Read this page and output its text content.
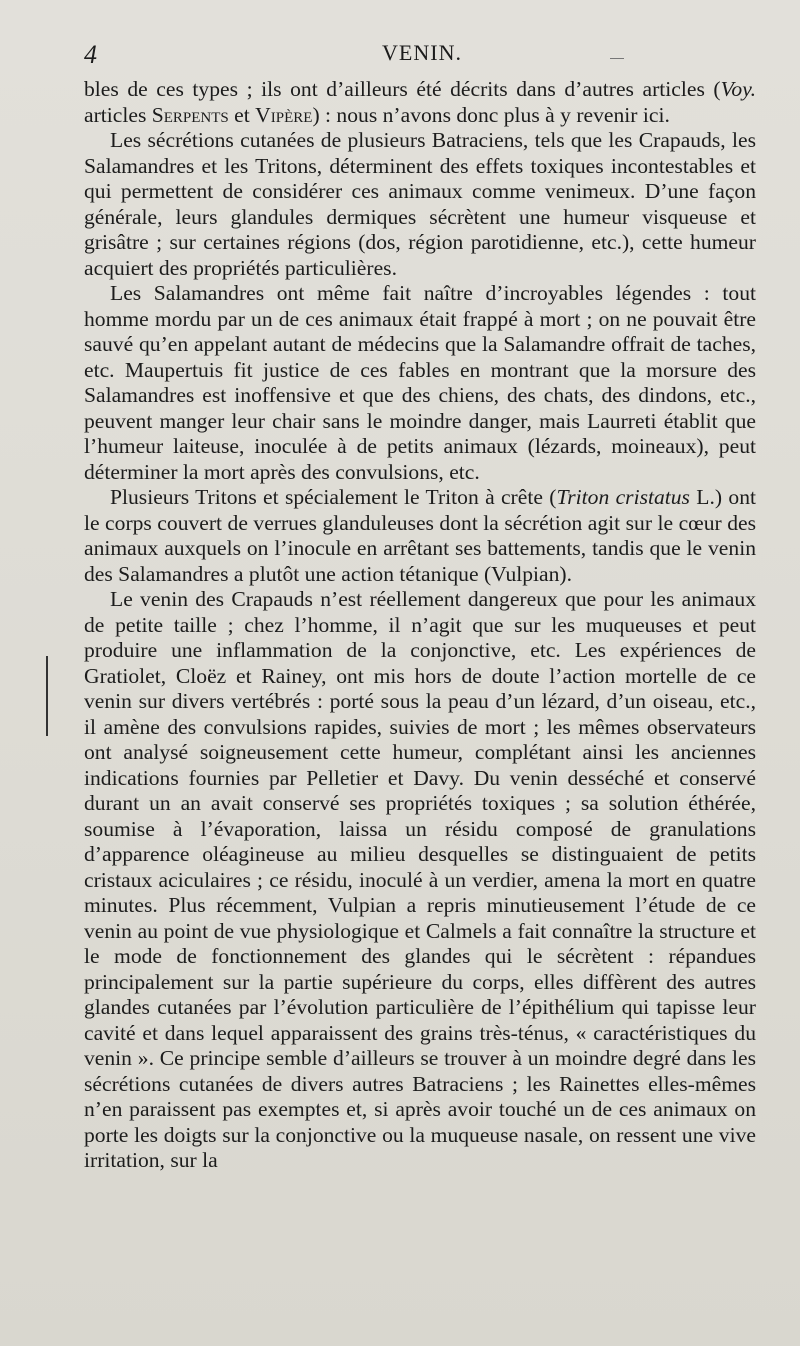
4	VENIN.

bles de ces types ; ils ont d’ailleurs été décrits dans d’autres articles (Voy. articles Serpents et Vipère) : nous n’avons donc plus à y revenir ici.

Les sécrétions cutanées de plusieurs Batraciens, tels que les Crapauds, les Salamandres et les Tritons, déterminent des effets toxiques incontestables et qui permettent de considérer ces animaux comme venimeux. D’une façon générale, leurs glandules dermiques sécrètent une humeur visqueuse et grisâtre ; sur certaines régions (dos, région parotidienne, etc.), cette humeur acquiert des propriétés particulières.

Les Salamandres ont même fait naître d’incroyables légendes : tout homme mordu par un de ces animaux était frappé à mort ; on ne pouvait être sauvé qu’en appelant autant de médecins que la Salamandre offrait de taches, etc. Maupertuis fit justice de ces fables en montrant que la morsure des Salamandres est inoffensive et que des chiens, des chats, des dindons, etc., peuvent manger leur chair sans le moindre danger, mais Laurreti établit que l’humeur laiteuse, inoculée à de petits animaux (lézards, moineaux), peut déterminer la mort après des convulsions, etc.

Plusieurs Tritons et spécialement le Triton à crête (Triton cristatus L.) ont le corps couvert de verrues glanduleuses dont la sécrétion agit sur le cœur des animaux auxquels on l’inocule en arrêtant ses battements, tandis que le venin des Salamandres a plutôt une action tétanique (Vulpian).

Le venin des Crapauds n’est réellement dangereux que pour les animaux de petite taille ; chez l’homme, il n’agit que sur les muqueuses et peut produire une inflammation de la conjonctive, etc. Les expériences de Gratiolet, Cloëz et Rainey, ont mis hors de doute l’action mortelle de ce venin sur divers vertébrés : porté sous la peau d’un lézard, d’un oiseau, etc., il amène des convulsions rapides, suivies de mort ; les mêmes observateurs ont analysé soigneusement cette humeur, complétant ainsi les anciennes indications fournies par Pelletier et Davy. Du venin desséché et conservé durant un an avait conservé ses propriétés toxiques ; sa solution éthérée, soumise à l’évaporation, laissa un résidu composé de granulations d’apparence oléagineuse au milieu desquelles se distinguaient de petits cristaux aciculaires ; ce résidu, inoculé à un verdier, amena la mort en quatre minutes. Plus récemment, Vulpian a repris minutieusement l’étude de ce venin au point de vue physiologique et Calmels a fait connaître la structure et le mode de fonctionnement des glandes qui le sécrètent : répandues principalement sur la partie supérieure du corps, elles diffèrent des autres glandes cutanées par l’évolution particulière de l’épithélium qui tapisse leur cavité et dans lequel apparaissent des grains très-ténus, « caractéristiques du venin ». Ce principe semble d’ailleurs se trouver à un moindre degré dans les sécrétions cutanées de divers autres Batraciens ; les Rainettes elles-mêmes n’en paraissent pas exemptes et, si après avoir touché un de ces animaux on porte les doigts sur la conjonctive ou la muqueuse nasale, on ressent une vive irritation, sur la
